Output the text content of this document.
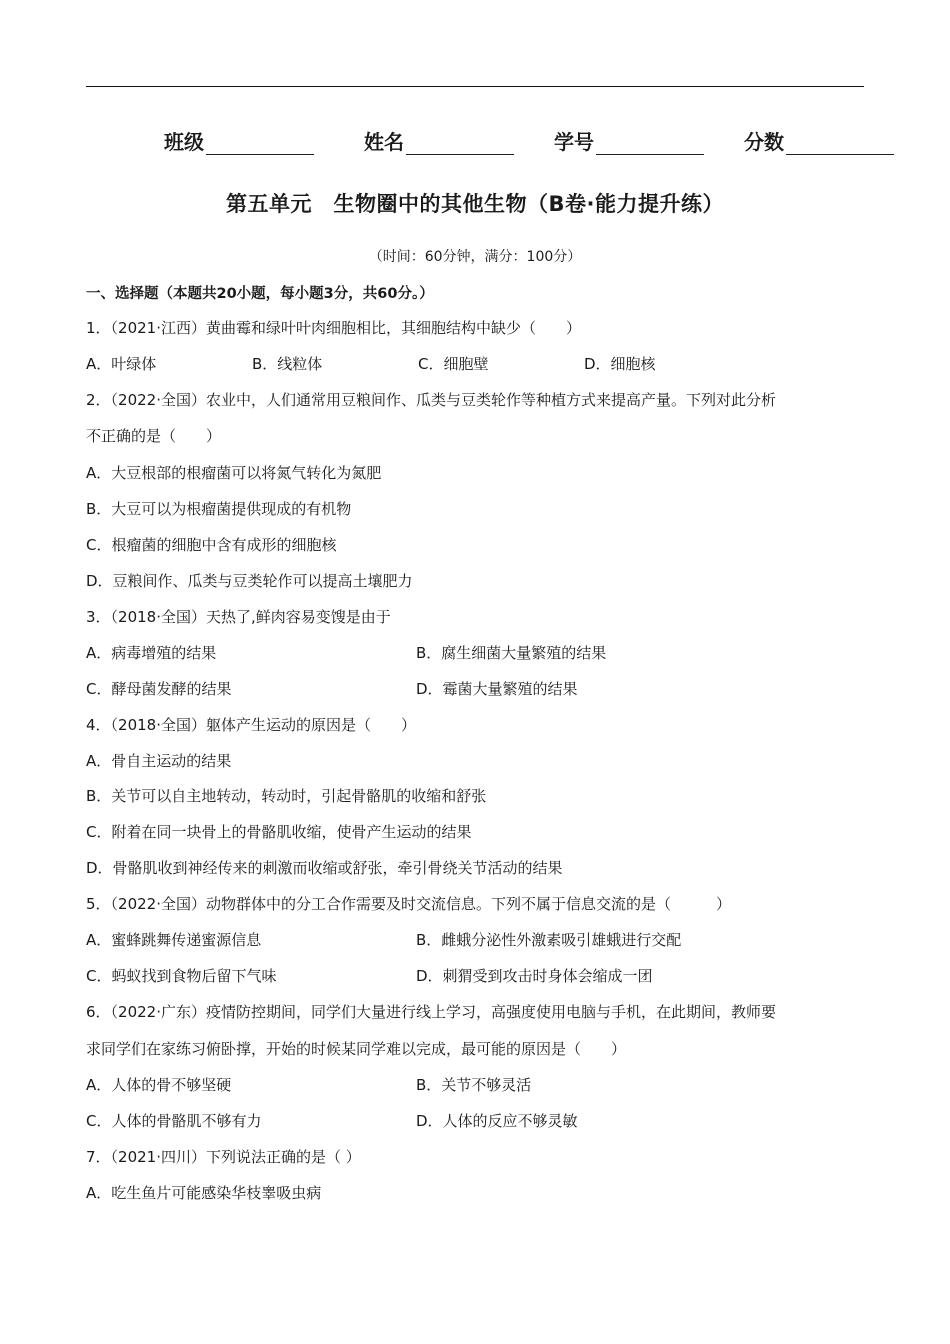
班级	姓名	学号	分数
第五单元　生物圈中的其他生物（B卷·能力提升练）
（时间：60分钟，满分：100分）
一、选择题（本题共20小题，每小题3分，共60分。）
1．（2021·江西）黄曲霉和绿叶叶肉细胞相比，其细胞结构中缺少（　　）
A．叶绿体	B．线粒体	C．细胞壁	D．细胞核
2．（2022·全国）农业中，人们通常用豆粮间作、瓜类与豆类轮作等种植方式来提高产量。下列对此分析
不正确的是（　　）
A．大豆根部的根瘤菌可以将氮气转化为氮肥
B．大豆可以为根瘤菌提供现成的有机物
C．根瘤菌的细胞中含有成形的细胞核
D．豆粮间作、瓜类与豆类轮作可以提高土壤肥力
3．（2018·全国）天热了,鲜肉容易变馊是由于
A．病毒增殖的结果	B．腐生细菌大量繁殖的结果
C．酵母菌发酵的结果	D．霉菌大量繁殖的结果
4．（2018·全国）躯体产生运动的原因是（　　）
A．骨自主运动的结果
B．关节可以自主地转动，转动时，引起骨骼肌的收缩和舒张
C．附着在同一块骨上的骨骼肌收缩，使骨产生运动的结果
D．骨骼肌收到神经传来的刺激而收缩或舒张，牵引骨绕关节活动的结果
5．（2022·全国）动物群体中的分工合作需要及时交流信息。下列不属于信息交流的是（　　　）
A．蜜蜂跳舞传递蜜源信息	B．雌蛾分泌性外激素吸引雄蛾进行交配
C．蚂蚁找到食物后留下气味	D．刺猬受到攻击时身体会缩成一团
6．（2022·广东）疫情防控期间，同学们大量进行线上学习，高强度使用电脑与手机，在此期间，教师要
求同学们在家练习俯卧撑，开始的时候某同学难以完成，最可能的原因是（　　）
A．人体的骨不够坚硬	B．关节不够灵活
C．人体的骨骼肌不够有力	D．人体的反应不够灵敏
7．（2021·四川）下列说法正确的是（ ）
A．吃生鱼片可能感染华枝睾吸虫病
